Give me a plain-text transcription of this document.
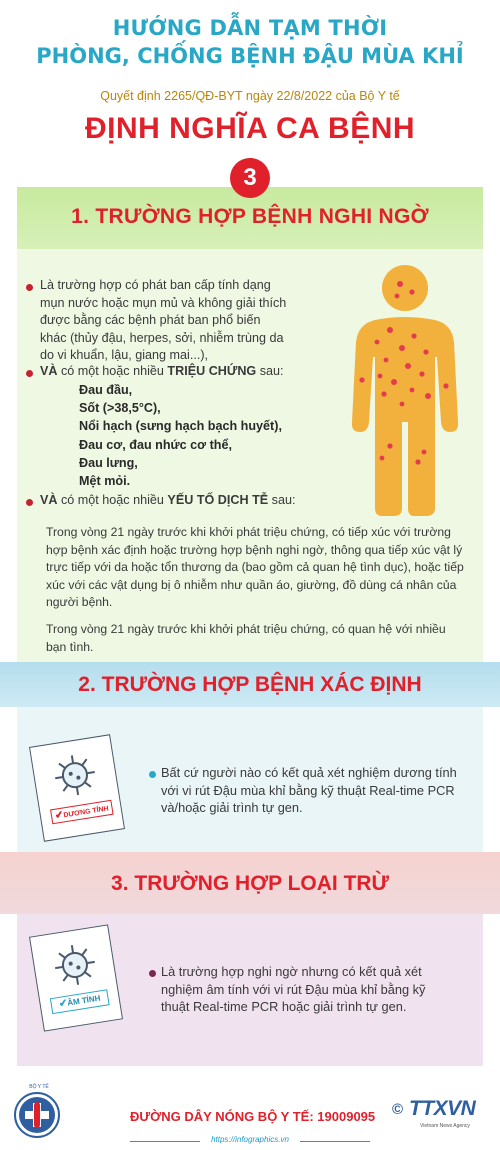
HƯỚNG DẪN TẠM THỜI
PHÒNG, CHỐNG BỆNH ĐẬU MÙA KHỈ
Quyết định 2265/QĐ-BYT ngày 22/8/2022 của Bộ Y tế
ĐỊNH NGHĨA CA BỆNH
3
1. TRƯỜNG HỢP BỆNH NGHI NGỜ
Là trường hợp có phát ban cấp tính dạng
mụn nước hoặc mụn mủ và không giải thích
được bằng các bệnh phát ban phổ biến
khác (thủy đậu, herpes, sởi, nhiễm trùng da
do vi khuẩn, lậu, giang mai...),
VÀ có một hoặc nhiều TRIỆU CHỨNG sau:
Đau đầu,
Sốt (>38,5°C),
Nổi hạch (sưng hạch bạch huyết),
Đau cơ, đau nhức cơ thể,
Đau lưng,
Mệt mỏi.
VÀ có một hoặc nhiều YẾU TỐ DỊCH TỄ sau:
Trong vòng 21 ngày trước khi khởi phát triệu chứng, có tiếp xúc với trường
hợp bệnh xác định hoặc trường hợp bệnh nghi ngờ, thông qua tiếp xúc vật lý
trực tiếp với da hoặc tổn thương da (bao gồm cả quan hệ tình dục), hoặc tiếp
xúc với các vật dụng bị ô nhiễm như quần áo, giường, đồ dùng cá nhân của
người bệnh.
Trong vòng 21 ngày trước khi khởi phát triệu chứng, có quan hệ với nhiều
bạn tình.
2. TRƯỜNG HỢP BỆNH XÁC ĐỊNH
✔DƯƠNG TÍNH
Bất cứ người nào có kết quả xét nghiệm dương tính
với vi rút Đậu mùa khỉ bằng kỹ thuật Real-time PCR
và/hoặc giải trình tự gen.
3. TRƯỜNG HỢP LOẠI TRỪ
✔ÂM TÍNH
Là trường hợp nghi ngờ nhưng có kết quả xét
nghiệm âm tính với vi rút Đậu mùa khỉ bằng kỹ
thuật Real-time PCR hoặc giải trình tự gen.
BỘ Y TẾ
ĐƯỜNG DÂY NÓNG BỘ Y TẾ: 19009095 © TTXVN
Vietnam News Agency
https://infographics.vn
